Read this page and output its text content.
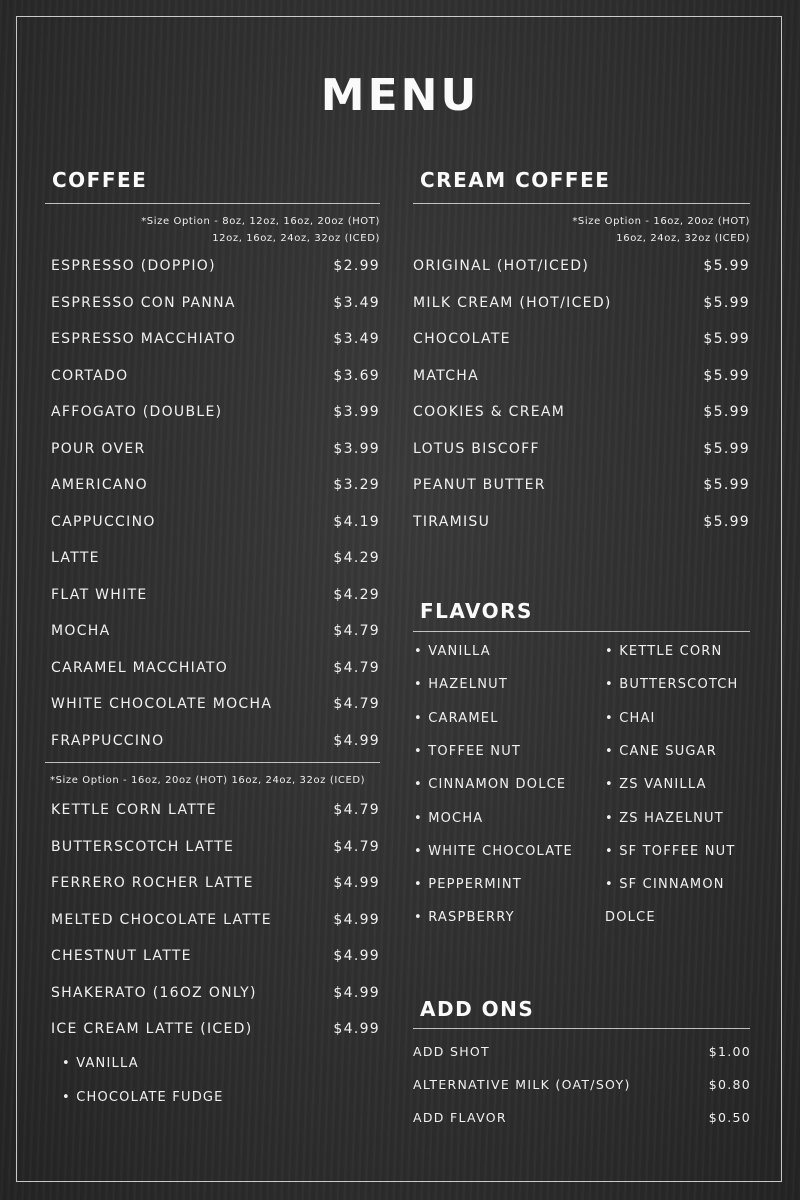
MENU
COFFEE
*Size Option - 8oz, 12oz, 16oz, 20oz (HOT)
12oz, 16oz, 24oz, 32oz (ICED)
ESPRESSO (DOPPIO)	$2.99
ESPRESSO CON PANNA	$3.49
ESPRESSO MACCHIATO	$3.49
CORTADO	$3.69
AFFOGATO (DOUBLE)	$3.99
POUR OVER	$3.99
AMERICANO	$3.29
CAPPUCCINO	$4.19
LATTE	$4.29
FLAT WHITE	$4.29
MOCHA	$4.79
CARAMEL MACCHIATO	$4.79
WHITE CHOCOLATE MOCHA	$4.79
FRAPPUCCINO	$4.99
*Size Option - 16oz, 20oz (HOT) 16oz, 24oz, 32oz (ICED)
KETTLE CORN LATTE	$4.79
BUTTERSCOTCH LATTE	$4.79
FERRERO ROCHER LATTE	$4.99
MELTED CHOCOLATE LATTE	$4.99
CHESTNUT LATTE	$4.99
SHAKERATO (16OZ ONLY)	$4.99
ICE CREAM LATTE (ICED)	$4.99
• VANILLA
• CHOCOLATE FUDGE
CREAM COFFEE
*Size Option - 16oz, 20oz (HOT)
16oz, 24oz, 32oz (ICED)
ORIGINAL (HOT/ICED)	$5.99
MILK CREAM (HOT/ICED)	$5.99
CHOCOLATE	$5.99
MATCHA	$5.99
COOKIES & CREAM	$5.99
LOTUS BISCOFF	$5.99
PEANUT BUTTER	$5.99
TIRAMISU	$5.99
FLAVORS
• VANILLA
• HAZELNUT
• CARAMEL
• TOFFEE NUT
• CINNAMON DOLCE
• MOCHA
• WHITE CHOCOLATE
• PEPPERMINT
• RASPBERRY
• KETTLE CORN
• BUTTERSCOTCH
• CHAI
• CANE SUGAR
• ZS VANILLA
• ZS HAZELNUT
• SF TOFFEE NUT
• SF CINNAMON
DOLCE
ADD ONS
ADD SHOT	$1.00
ALTERNATIVE MILK (OAT/SOY)	$0.80
ADD FLAVOR	$0.50
